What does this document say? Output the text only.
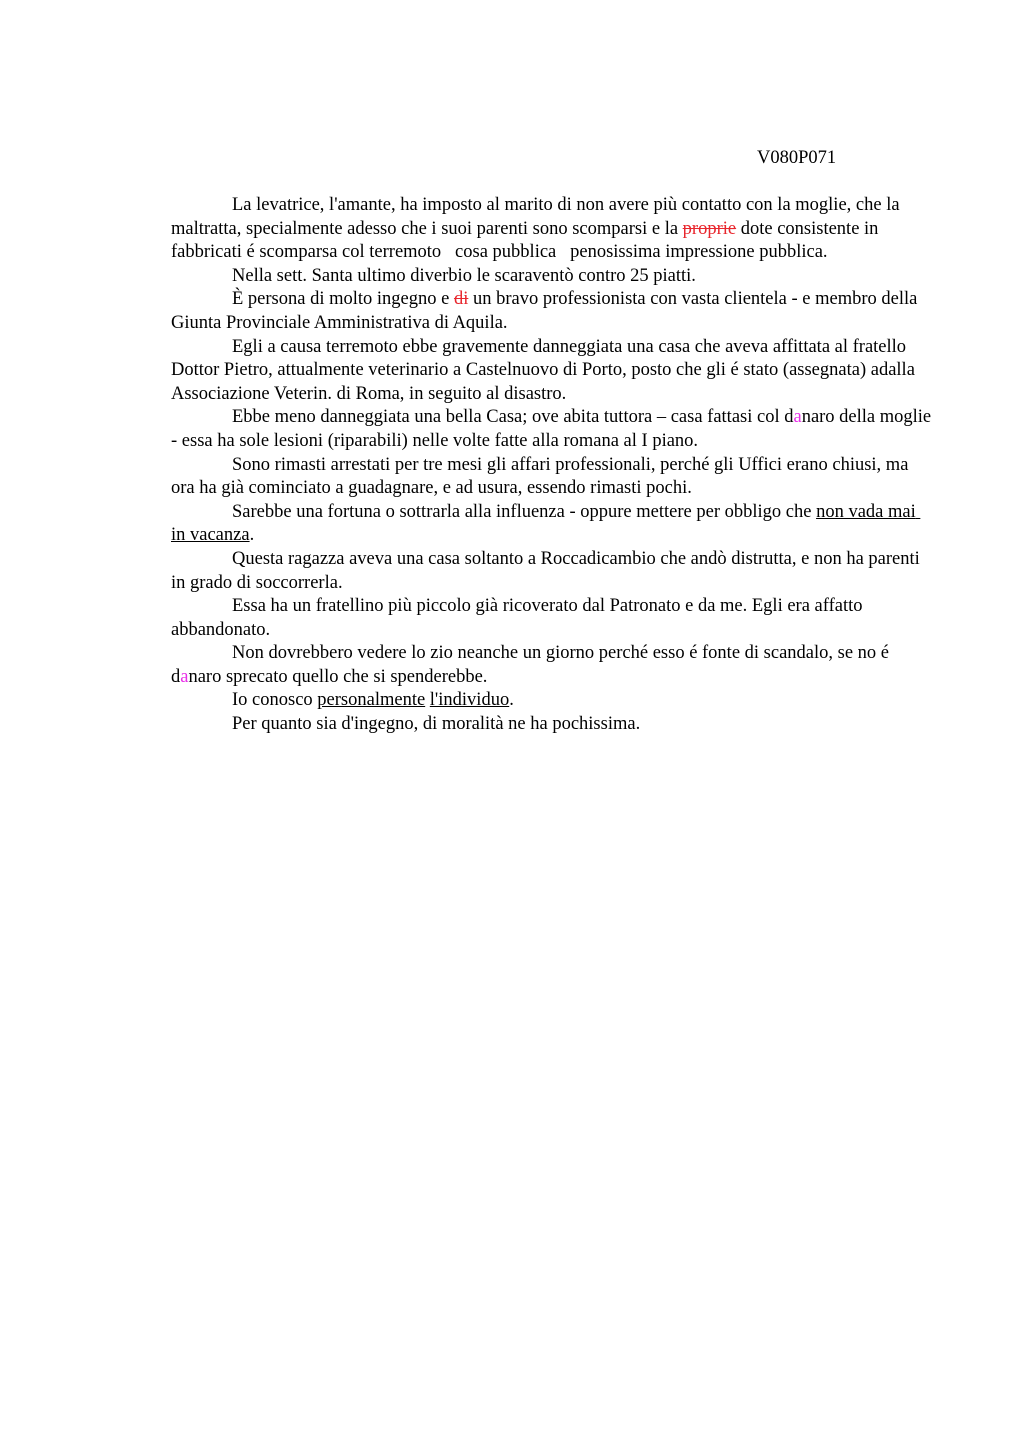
V080P071

La levatrice, l'amante, ha imposto al marito di non avere più contatto con la moglie, che la maltratta, specialmente adesso che i suoi parenti sono scomparsi e la proprie dote consistente in fabbricati é scomparsa col terremoto   cosa pubblica   penosissima impressione pubblica.

Nella sett. Santa ultimo diverbio le scaraventò contro 25 piatti.

È persona di molto ingegno e di un bravo professionista con vasta clientela - e membro della Giunta Provinciale Amministrativa di Aquila.

Egli a causa terremoto ebbe gravemente danneggiata una casa che aveva affittata al fratello Dottor Pietro, attualmente veterinario a Castelnuovo di Porto, posto che gli é stato (assegnata) adalla Associazione Veterin. di Roma, in seguito al disastro.

Ebbe meno danneggiata una bella Casa; ove abita tuttora – casa fattasi col danaro della moglie - essa ha sole lesioni (riparabili) nelle volte fatte alla romana al I piano.

Sono rimasti arrestati per tre mesi gli affari professionali, perché gli Uffici erano chiusi, ma ora ha già cominciato a guadagnare, e ad usura, essendo rimasti pochi.

Sarebbe una fortuna o sottrarla alla influenza - oppure mettere per obbligo che non vada mai in vacanza.

Questa ragazza aveva una casa soltanto a Roccadicambio che andò distrutta, e non ha parenti in grado di soccorrerla.

Essa ha un fratellino più piccolo già ricoverato dal Patronato e da me. Egli era affatto abbandonato.

Non dovrebbero vedere lo zio neanche un giorno perché esso é fonte di scandalo, se no é danaro sprecato quello che si spenderebbe.

Io conosco personalmente l'individuo.

Per quanto sia d'ingegno, di moralità ne ha pochissima.
